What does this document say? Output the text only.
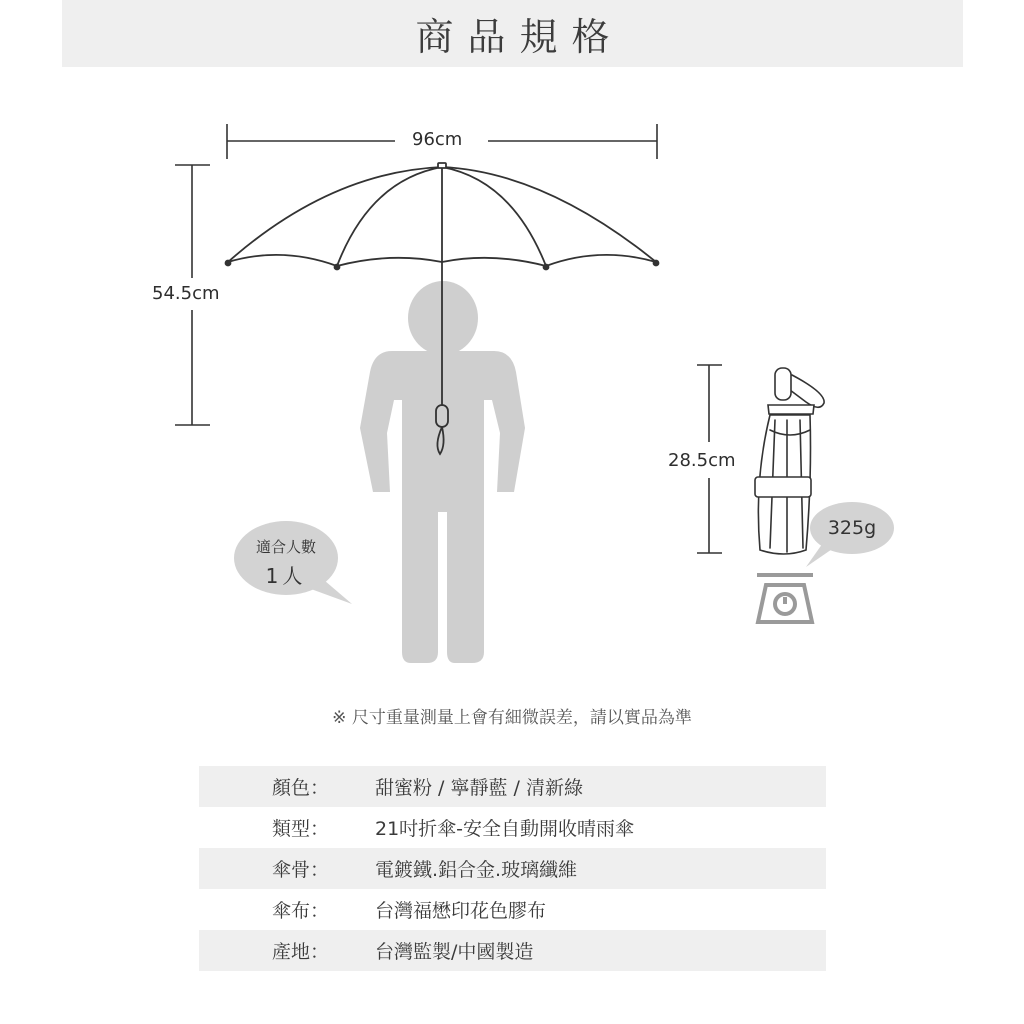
商品規格
96cm
54.5cm
28.5cm
325g
適合人數
1人
※ 尺寸重量測量上會有細微誤差，請以實品為準
顏色：	甜蜜粉 / 寧靜藍 / 清新綠
類型：	21吋折傘-安全自動開收晴雨傘
傘骨：	電鍍鐵.鋁合金.玻璃纖維
傘布：	台灣福懋印花色膠布
產地：	台灣監製/中國製造
